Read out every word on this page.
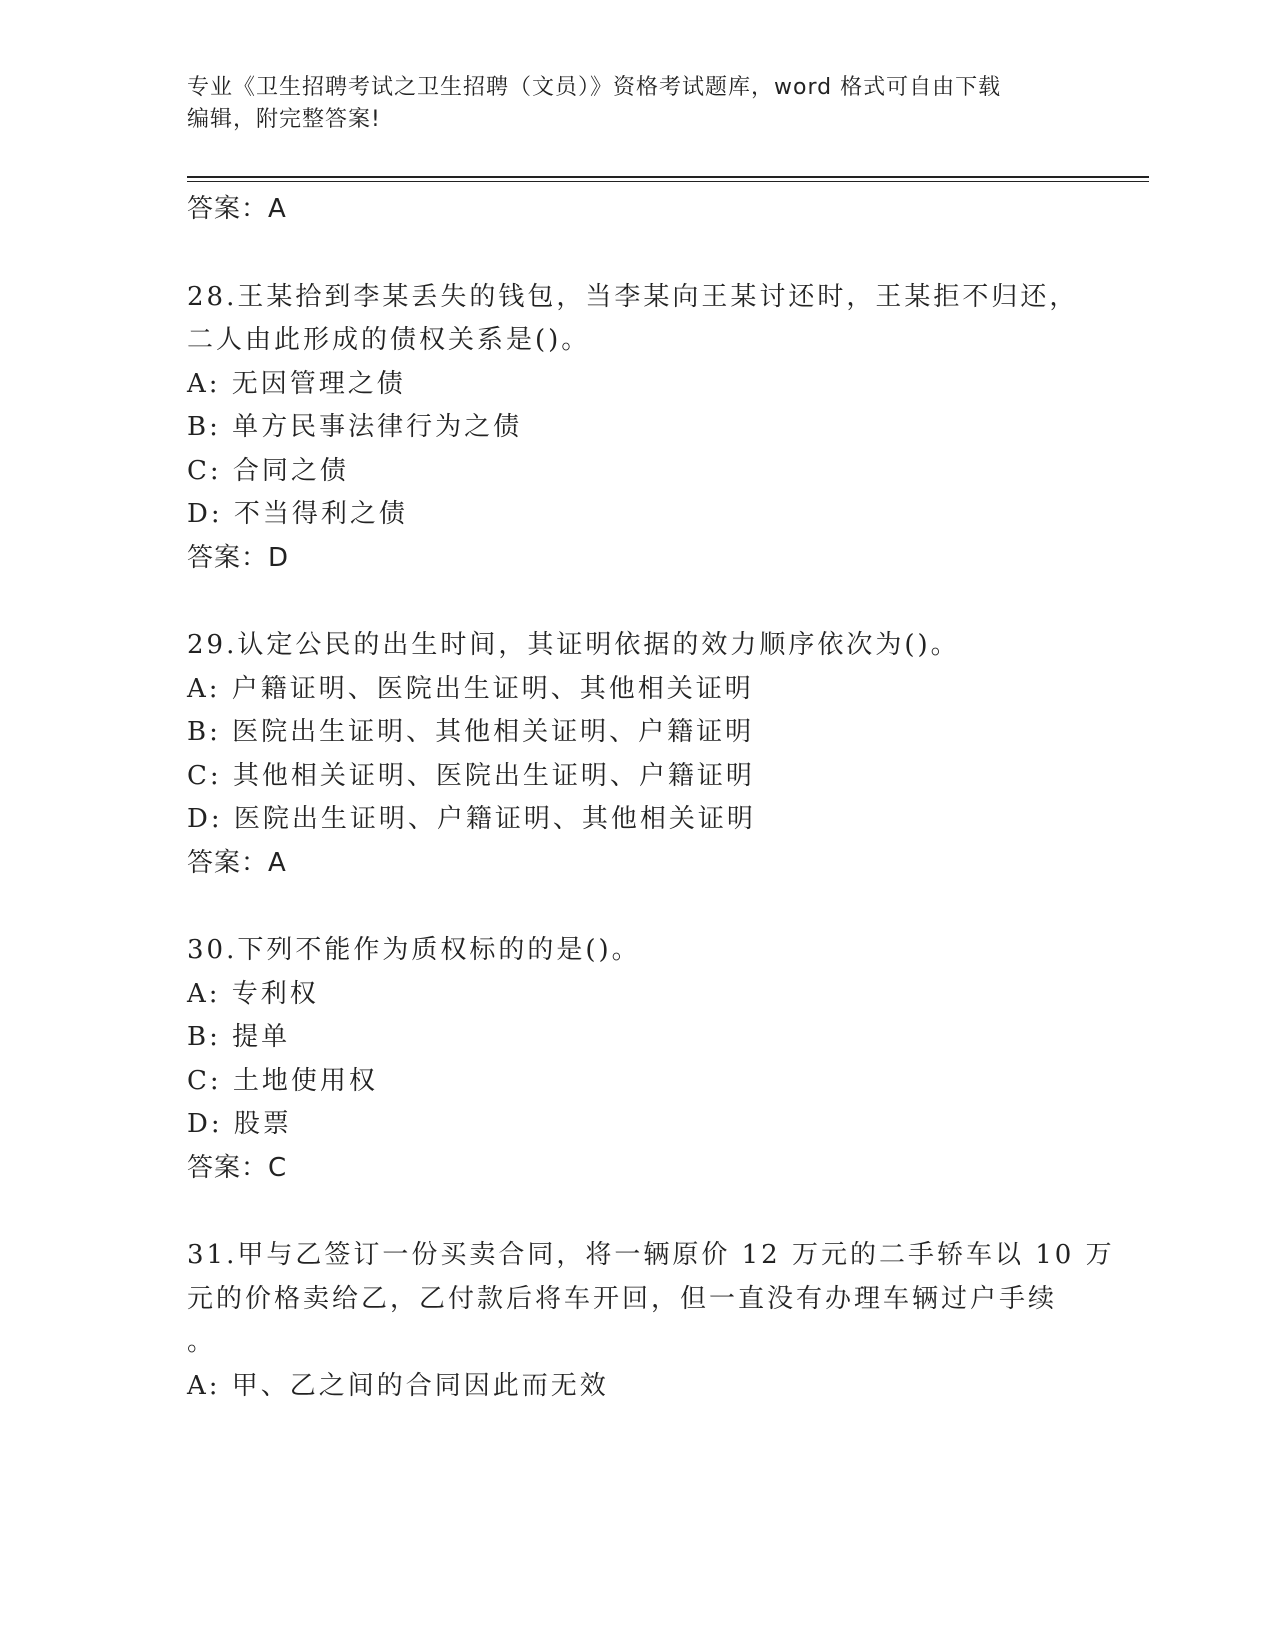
专业《卫生招聘考试之卫生招聘（文员）》资格考试题库，word 格式可自由下载
编辑，附完整答案!
答案：A
28.王某拾到李某丢失的钱包，当李某向王某讨还时，王某拒不归还，
二人由此形成的债权关系是()。
A: 无因管理之债
B: 单方民事法律行为之债
C: 合同之债
D: 不当得利之债
答案：D
29.认定公民的出生时间，其证明依据的效力顺序依次为()。
A: 户籍证明、医院出生证明、其他相关证明
B: 医院出生证明、其他相关证明、户籍证明
C: 其他相关证明、医院出生证明、户籍证明
D: 医院出生证明、户籍证明、其他相关证明
答案：A
30.下列不能作为质权标的的是()。
A: 专利权
B: 提单
C: 土地使用权
D: 股票
答案：C
31.甲与乙签订一份买卖合同，将一辆原价 12 万元的二手轿车以 10 万
元的价格卖给乙，乙付款后将车开回，但一直没有办理车辆过户手续
。
A: 甲、乙之间的合同因此而无效
